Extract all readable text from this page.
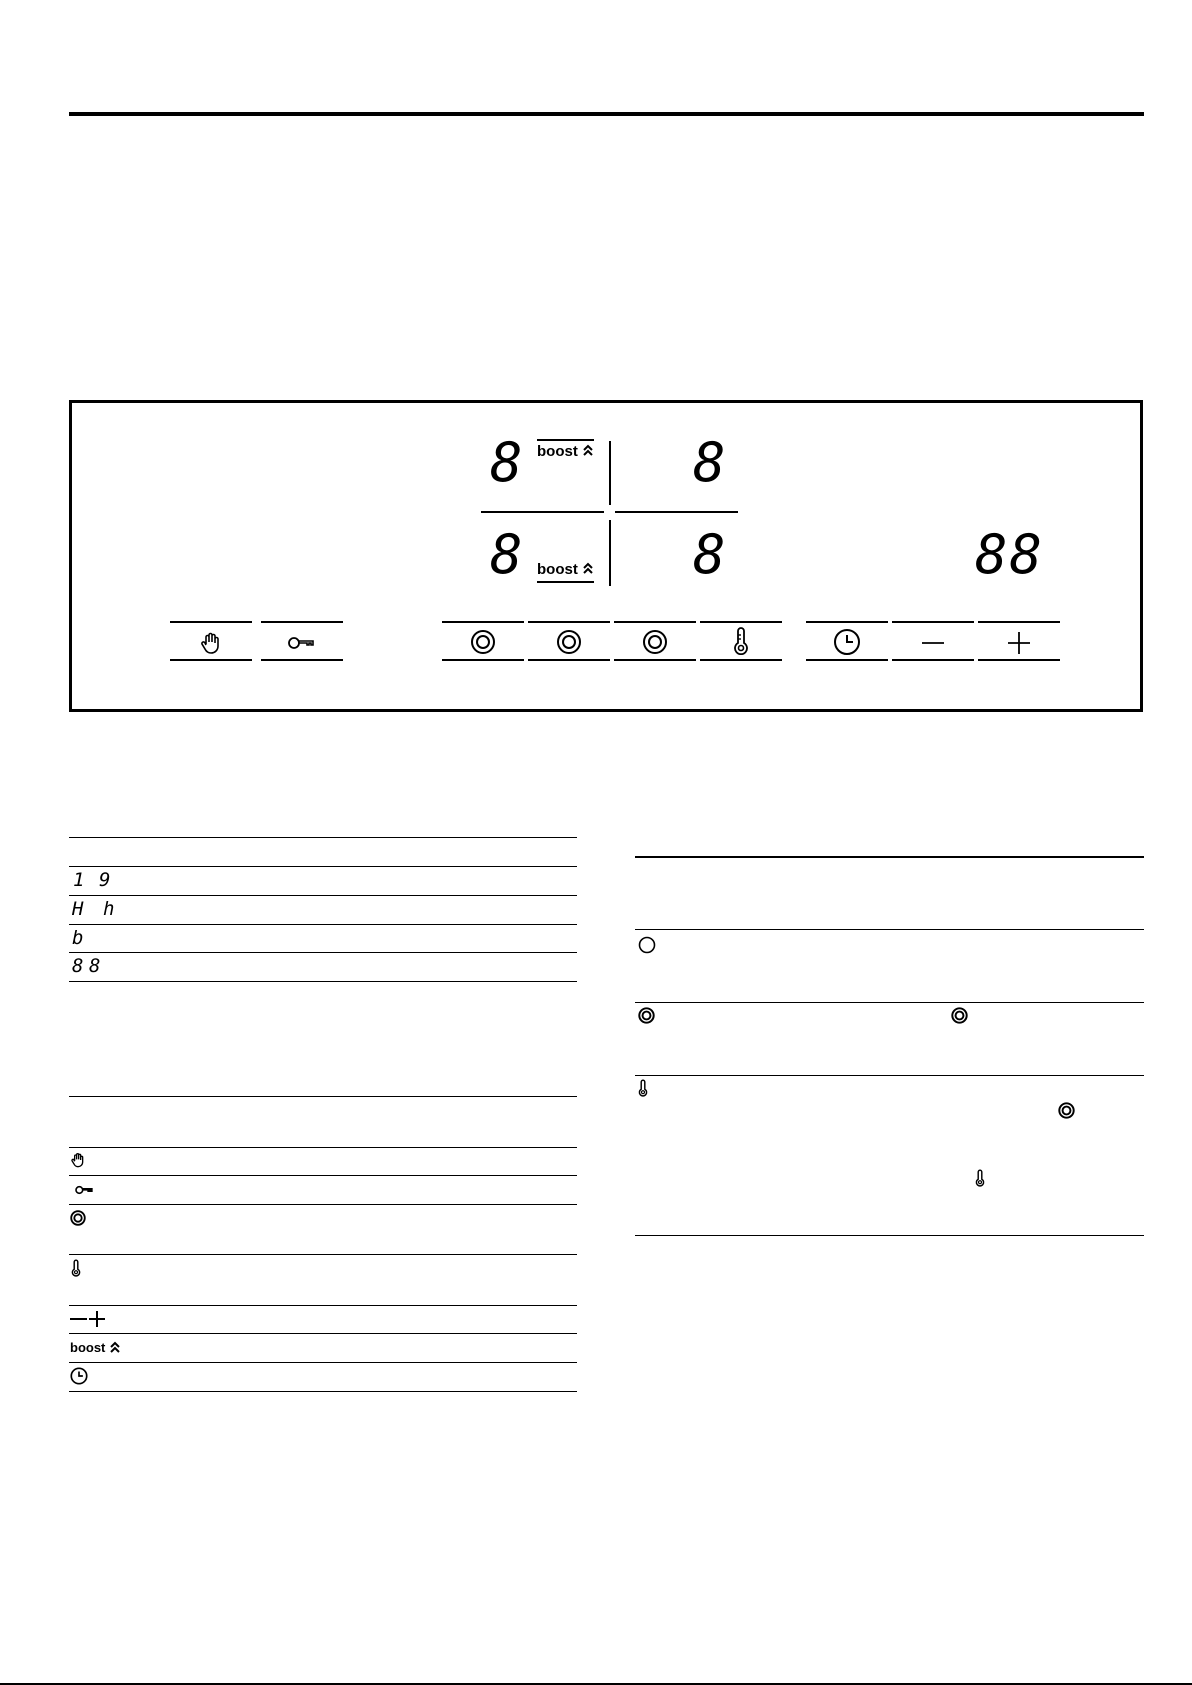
8	8
8	8
boost
boost	88
1 9
H h
b
8 8
boost
